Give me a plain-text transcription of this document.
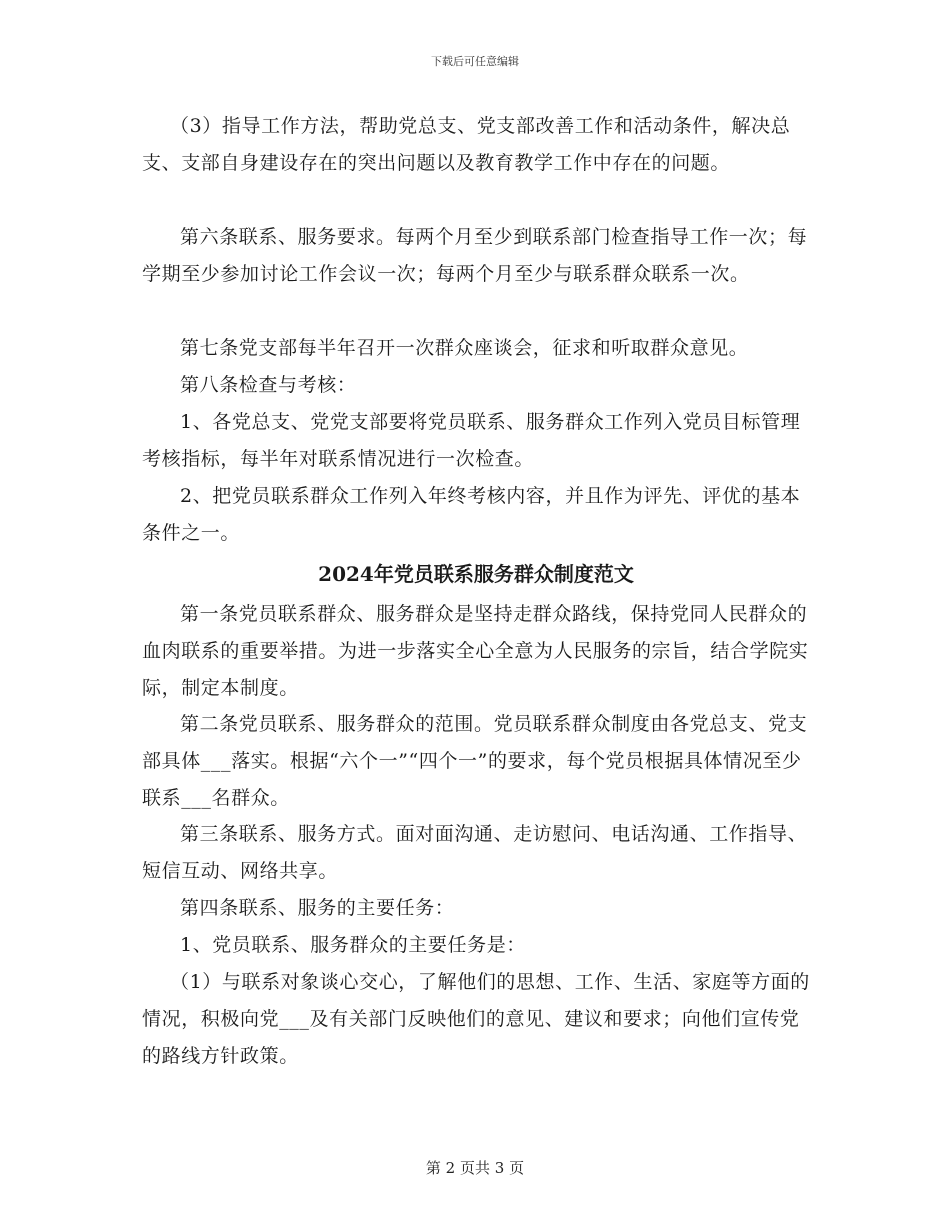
下载后可任意编辑

（3）指导工作方法，帮助党总支、党支部改善工作和活动条件，解决总支、支部自身建设存在的突出问题以及教育教学工作中存在的问题。

第六条联系、服务要求。每两个月至少到联系部门检查指导工作一次；每学期至少参加讨论工作会议一次；每两个月至少与联系群众联系一次。

第七条党支部每半年召开一次群众座谈会，征求和听取群众意见。

第八条检查与考核：

1、各党总支、党党支部要将党员联系、服务群众工作列入党员目标管理考核指标，每半年对联系情况进行一次检查。

2、把党员联系群众工作列入年终考核内容，并且作为评先、评优的基本条件之一。

2024年党员联系服务群众制度范文

第一条党员联系群众、服务群众是坚持走群众路线，保持党同人民群众的血肉联系的重要举措。为进一步落实全心全意为人民服务的宗旨，结合学院实际，制定本制度。

第二条党员联系、服务群众的范围。党员联系群众制度由各党总支、党支部具体___落实。根据“六个一”“四个一”的要求，每个党员根据具体情况至少联系___名群众。

第三条联系、服务方式。面对面沟通、走访慰问、电话沟通、工作指导、短信互动、网络共享。

第四条联系、服务的主要任务：

1、党员联系、服务群众的主要任务是：

（1）与联系对象谈心交心，了解他们的思想、工作、生活、家庭等方面的情况，积极向党___及有关部门反映他们的意见、建议和要求；向他们宣传党的路线方针政策。

第 2 页共 3 页
